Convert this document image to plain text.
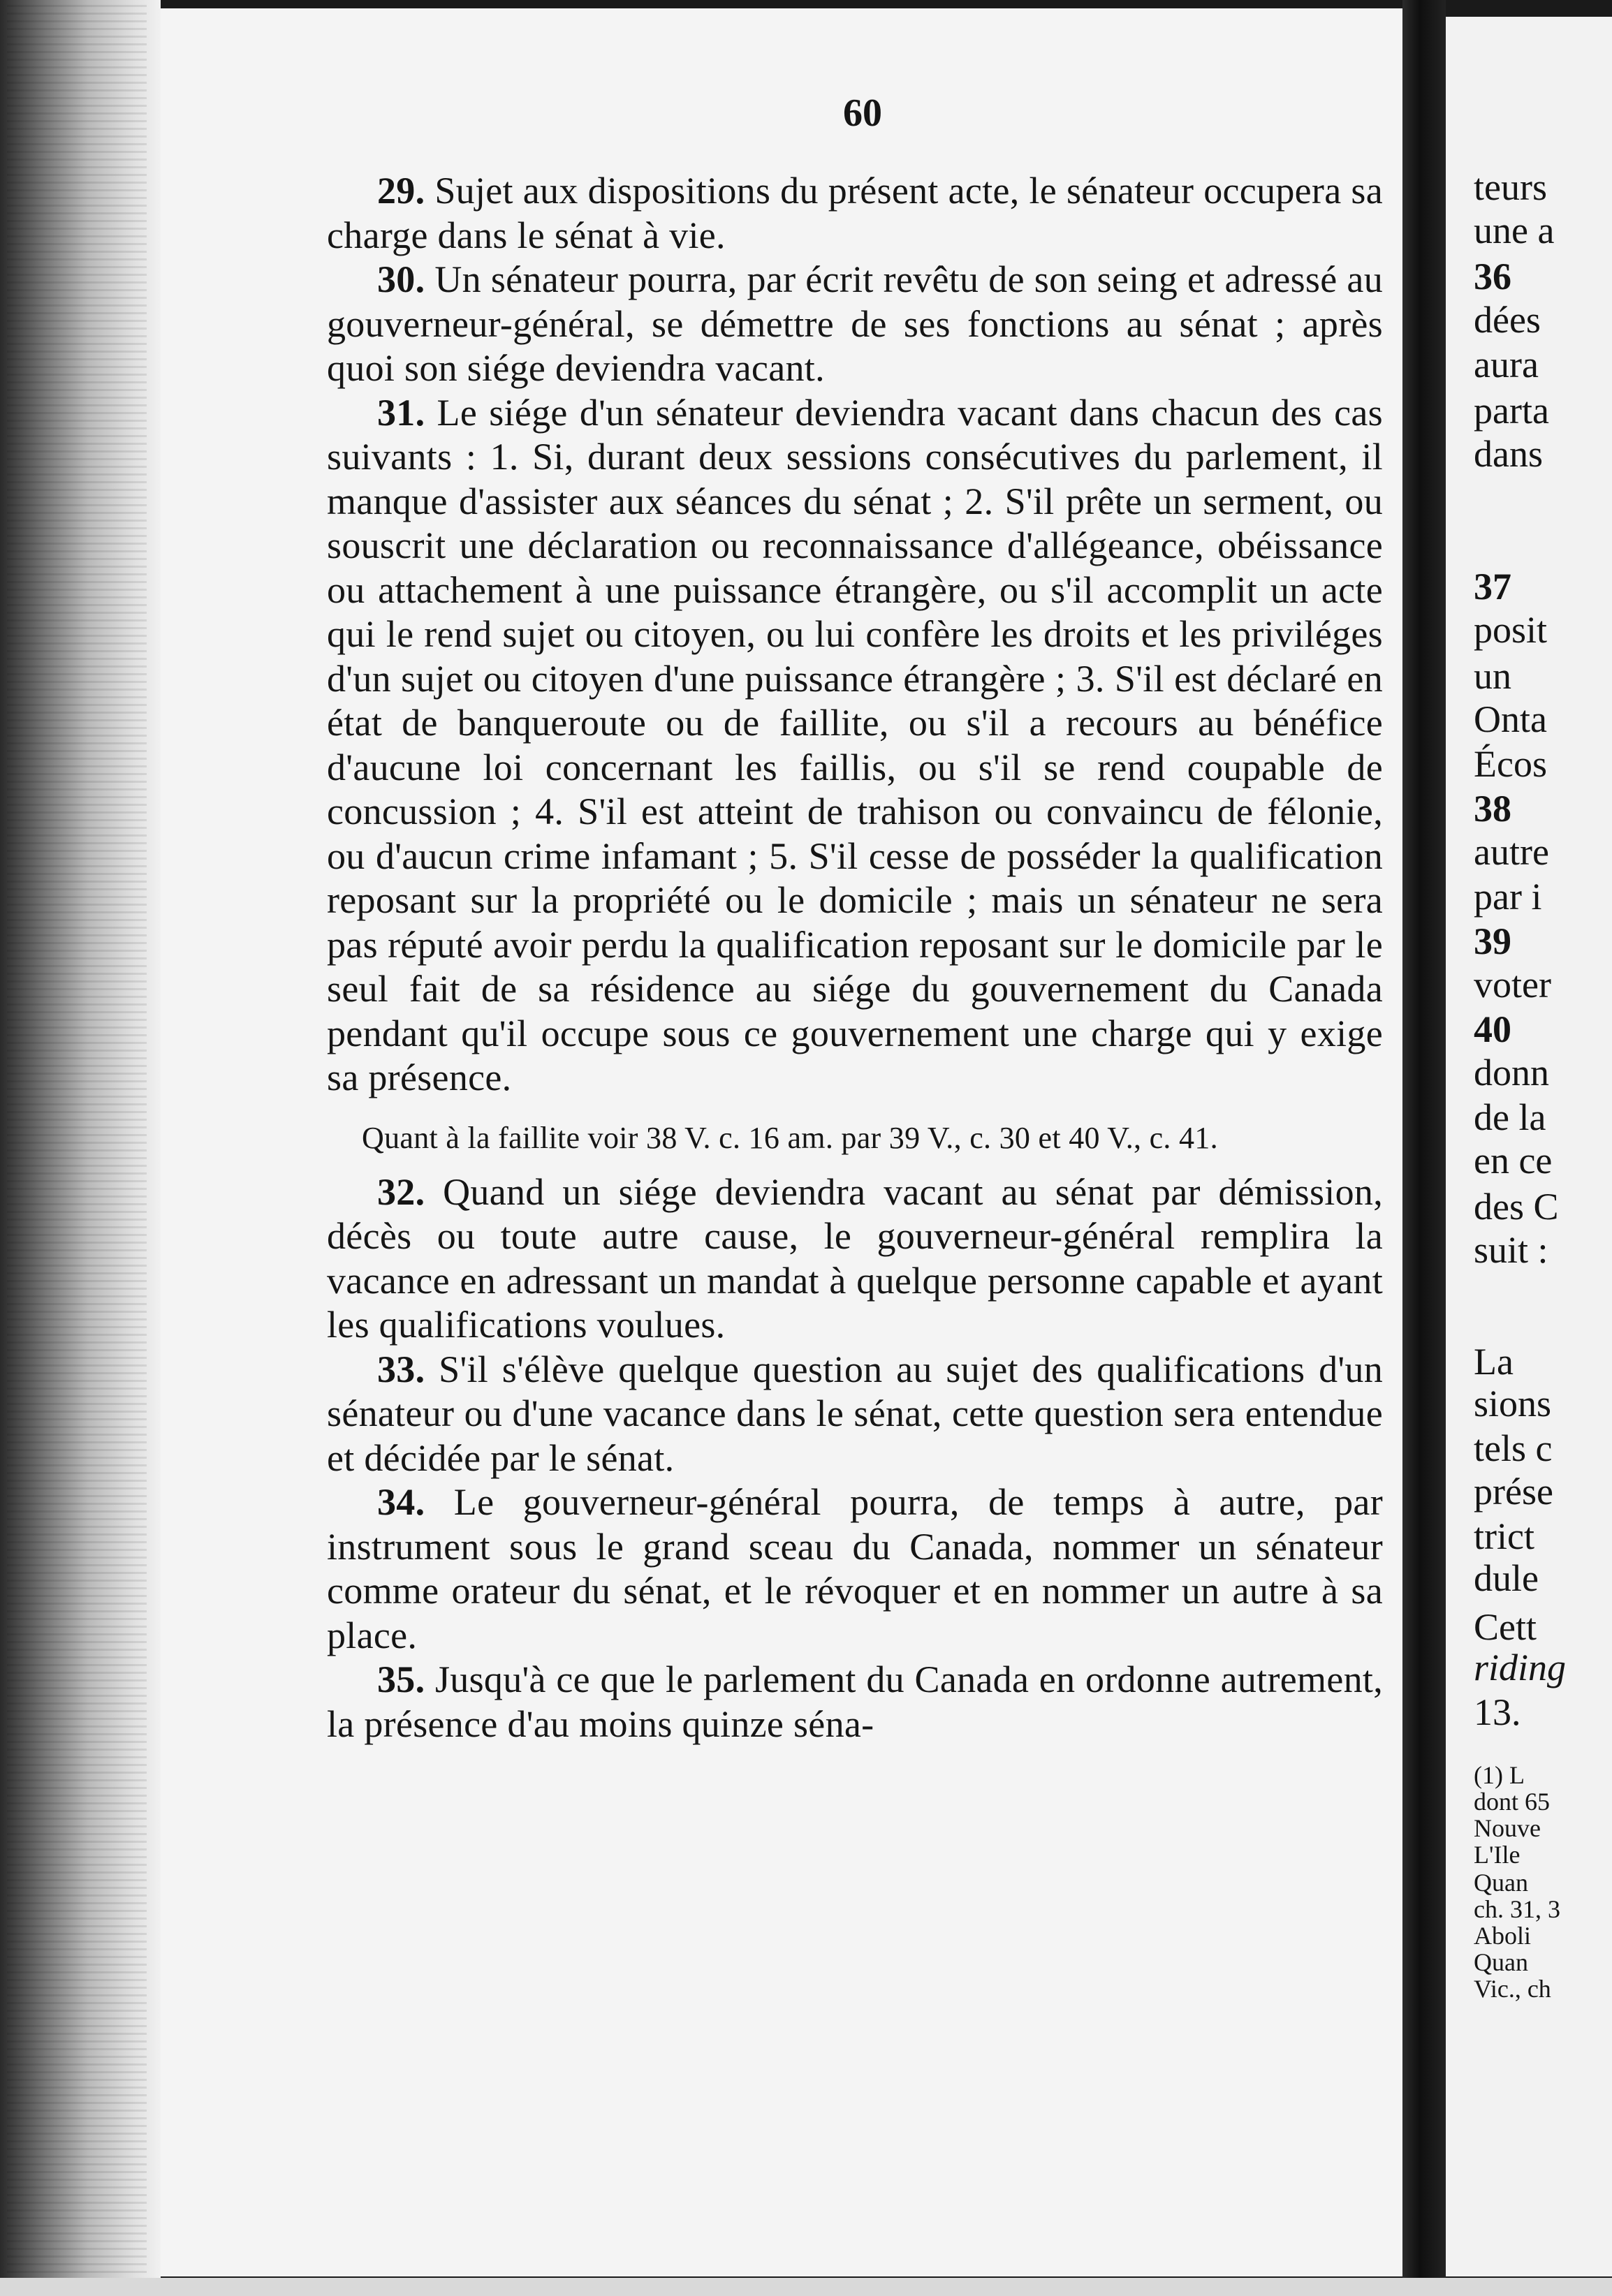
60

29. Sujet aux dispositions du présent acte, le sénateur occupera sa charge dans le sénat à vie.

30. Un sénateur pourra, par écrit revêtu de son seing et adressé au gouverneur-général, se démettre de ses fonctions au sénat ; après quoi son siége deviendra vacant.

31. Le siége d'un sénateur deviendra vacant dans chacun des cas suivants : 1. Si, durant deux sessions consécutives du parlement, il manque d'assister aux séances du sénat ; 2. S'il prête un serment, ou souscrit une déclaration ou reconnaissance d'allégeance, obéissance ou attachement à une puissance étrangère, ou s'il accomplit un acte qui le rend sujet ou citoyen, ou lui confère les droits et les priviléges d'un sujet ou citoyen d'une puissance étrangère ; 3. S'il est déclaré en état de banqueroute ou de faillite, ou s'il a recours au bénéfice d'aucune loi concernant les faillis, ou s'il se rend coupable de concussion ; 4. S'il est atteint de trahison ou convaincu de félonie, ou d'aucun crime infamant ; 5. S'il cesse de posséder la qualification reposant sur la propriété ou le domicile ; mais un sénateur ne sera pas réputé avoir perdu la qualification reposant sur le domicile par le seul fait de sa résidence au siége du gouvernement du Canada pendant qu'il occupe sous ce gouvernement une charge qui y exige sa présence.

Quant à la faillite voir 38 V. c. 16 am. par 39 V., c. 30 et 40 V., c. 41.

32. Quand un siége deviendra vacant au sénat par démission, décès ou toute autre cause, le gouverneur-général remplira la vacance en adressant un mandat à quelque personne capable et ayant les qualifications voulues.

33. S'il s'élève quelque question au sujet des qualifications d'un sénateur ou d'une vacance dans le sénat, cette question sera entendue et décidée par le sénat.

34. Le gouverneur-général pourra, de temps à autre, par instrument sous le grand sceau du Canada, nommer un sénateur comme orateur du sénat, et le révoquer et en nommer un autre à sa place.

35. Jusqu'à ce que le parlement du Canada en ordonne autrement, la présence d'au moins quinze séna-

teurs
une a
36
dées
aura
parta
dans
37
posit
un
Onta
Écos
38
autre
par i
39
voter
40
donn
de la
en ce
des C
suit :
La
sions
tels c
prése
trict
dule
Cett
riding
13.
(1) L
dont 65
Nouve
L'Ile
Quan
ch. 31, 3
Aboli
Quan
Vic., ch
